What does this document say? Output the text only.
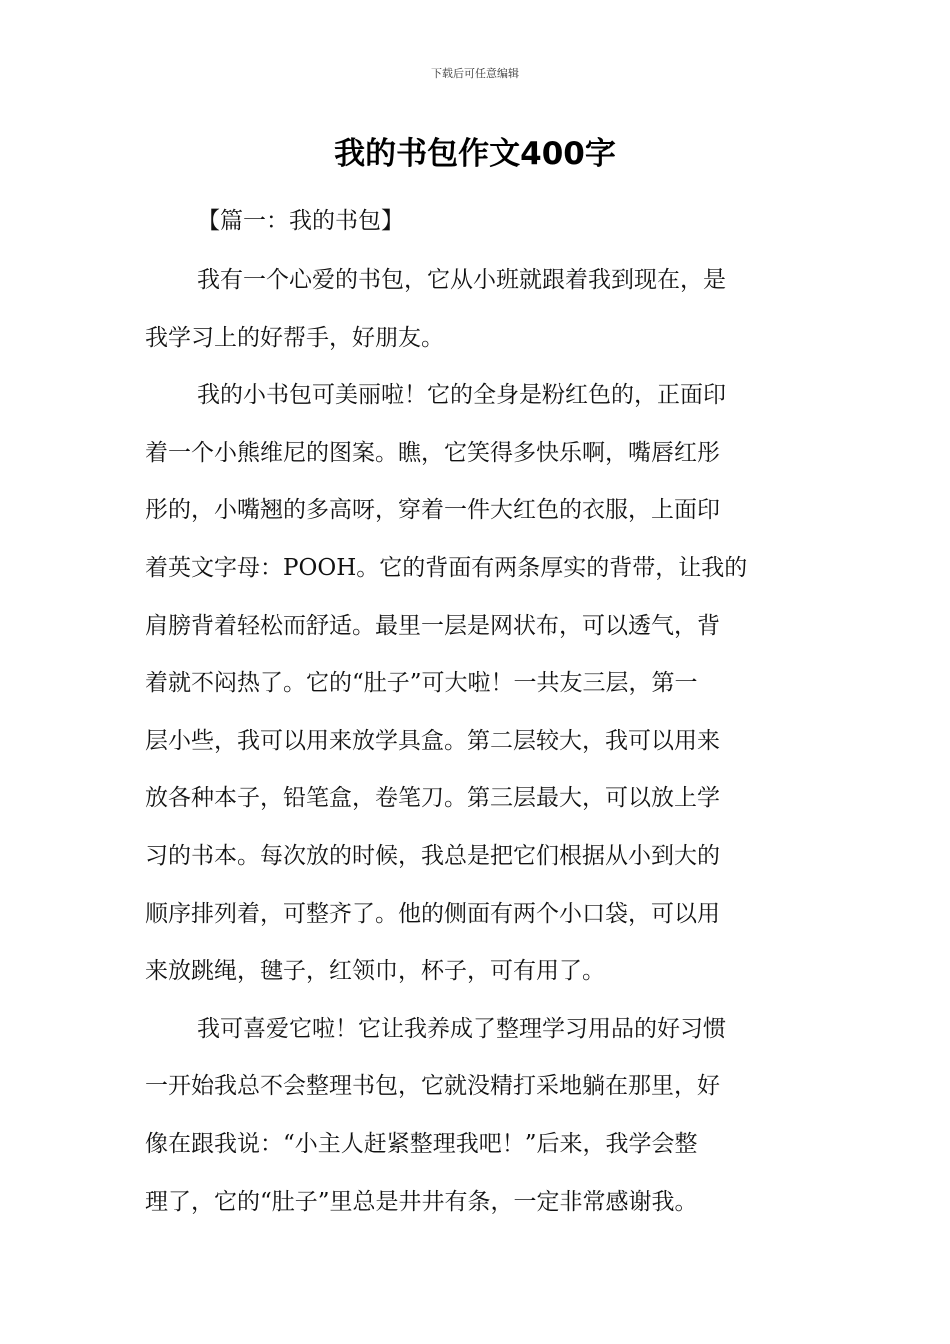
下载后可任意编辑
我的书包作文400字
【篇一：我的书包】

我有一个心爱的书包，它从小班就跟着我到现在，是
我学习上的好帮手，好朋友。

我的小书包可美丽啦！它的全身是粉红色的，正面印
着一个小熊维尼的图案。瞧，它笑得多快乐啊，嘴唇红彤
彤的，小嘴翘的多高呀，穿着一件大红色的衣服，上面印
着英文字母：POOH。它的背面有两条厚实的背带，让我的
肩膀背着轻松而舒适。最里一层是网状布，可以透气，背
着就不闷热了。它的“肚子”可大啦！一共友三层，第一
层小些，我可以用来放学具盒。第二层较大，我可以用来
放各种本子，铅笔盒，卷笔刀。第三层最大，可以放上学
习的书本。每次放的时候，我总是把它们根据从小到大的
顺序排列着，可整齐了。他的侧面有两个小口袋，可以用
来放跳绳，毽子，红领巾，杯子，可有用了。

我可喜爱它啦！它让我养成了整理学习用品的好习惯
一开始我总不会整理书包，它就没精打采地躺在那里，好
像在跟我说：“小主人赶紧整理我吧！”后来，我学会整
理了，它的“肚子”里总是井井有条，一定非常感谢我。
